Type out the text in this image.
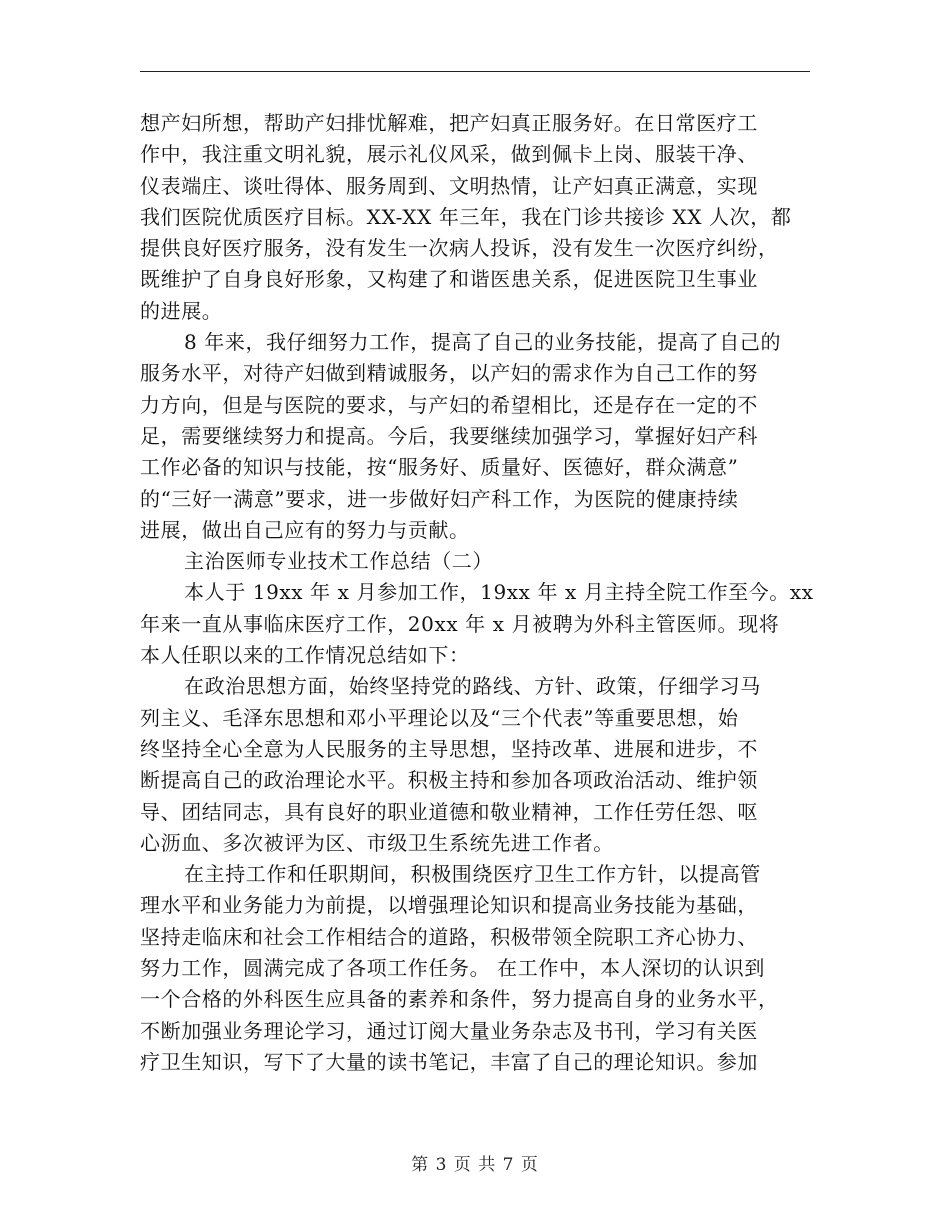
想产妇所想，帮助产妇排忧解难，把产妇真正服务好。在日常医疗工
作中，我注重文明礼貌，展示礼仪风采，做到佩卡上岗、服装干净、
仪表端庄、谈吐得体、服务周到、文明热情，让产妇真正满意，实现
我们医院优质医疗目标。XX-XX 年三年，我在门诊共接诊 XX 人次，都
提供良好医疗服务，没有发生一次病人投诉，没有发生一次医疗纠纷，
既维护了自身良好形象，又构建了和谐医患关系，促进医院卫生事业
的进展。
8 年来，我仔细努力工作，提高了自己的业务技能，提高了自己的
服务水平，对待产妇做到精诚服务，以产妇的需求作为自己工作的努
力方向，但是与医院的要求，与产妇的希望相比，还是存在一定的不
足，需要继续努力和提高。今后，我要继续加强学习，掌握好妇产科
工作必备的知识与技能，按“服务好、质量好、医德好，群众满意”
的“三好一满意”要求，进一步做好妇产科工作，为医院的健康持续
进展，做出自己应有的努力与贡献。
主治医师专业技术工作总结（二）
本人于 19xx 年 x 月参加工作，19xx 年 x 月主持全院工作至今。xx
年来一直从事临床医疗工作，20xx 年 x 月被聘为外科主管医师。现将
本人任职以来的工作情况总结如下：
在政治思想方面，始终坚持党的路线、方针、政策，仔细学习马
列主义、毛泽东思想和邓小平理论以及“三个代表”等重要思想，始
终坚持全心全意为人民服务的主导思想，坚持改革、进展和进步，不
断提高自己的政治理论水平。积极主持和参加各项政治活动、维护领
导、团结同志，具有良好的职业道德和敬业精神，工作任劳任怨、呕
心沥血、多次被评为区、市级卫生系统先进工作者。
在主持工作和任职期间，积极围绕医疗卫生工作方针，以提高管
理水平和业务能力为前提，以增强理论知识和提高业务技能为基础，
坚持走临床和社会工作相结合的道路，积极带领全院职工齐心协力、
努力工作，圆满完成了各项工作任务。 在工作中，本人深切的认识到
一个合格的外科医生应具备的素养和条件，努力提高自身的业务水平，
不断加强业务理论学习，通过订阅大量业务杂志及书刊，学习有关医
疗卫生知识，写下了大量的读书笔记，丰富了自己的理论知识。参加
第 3 页 共 7 页
